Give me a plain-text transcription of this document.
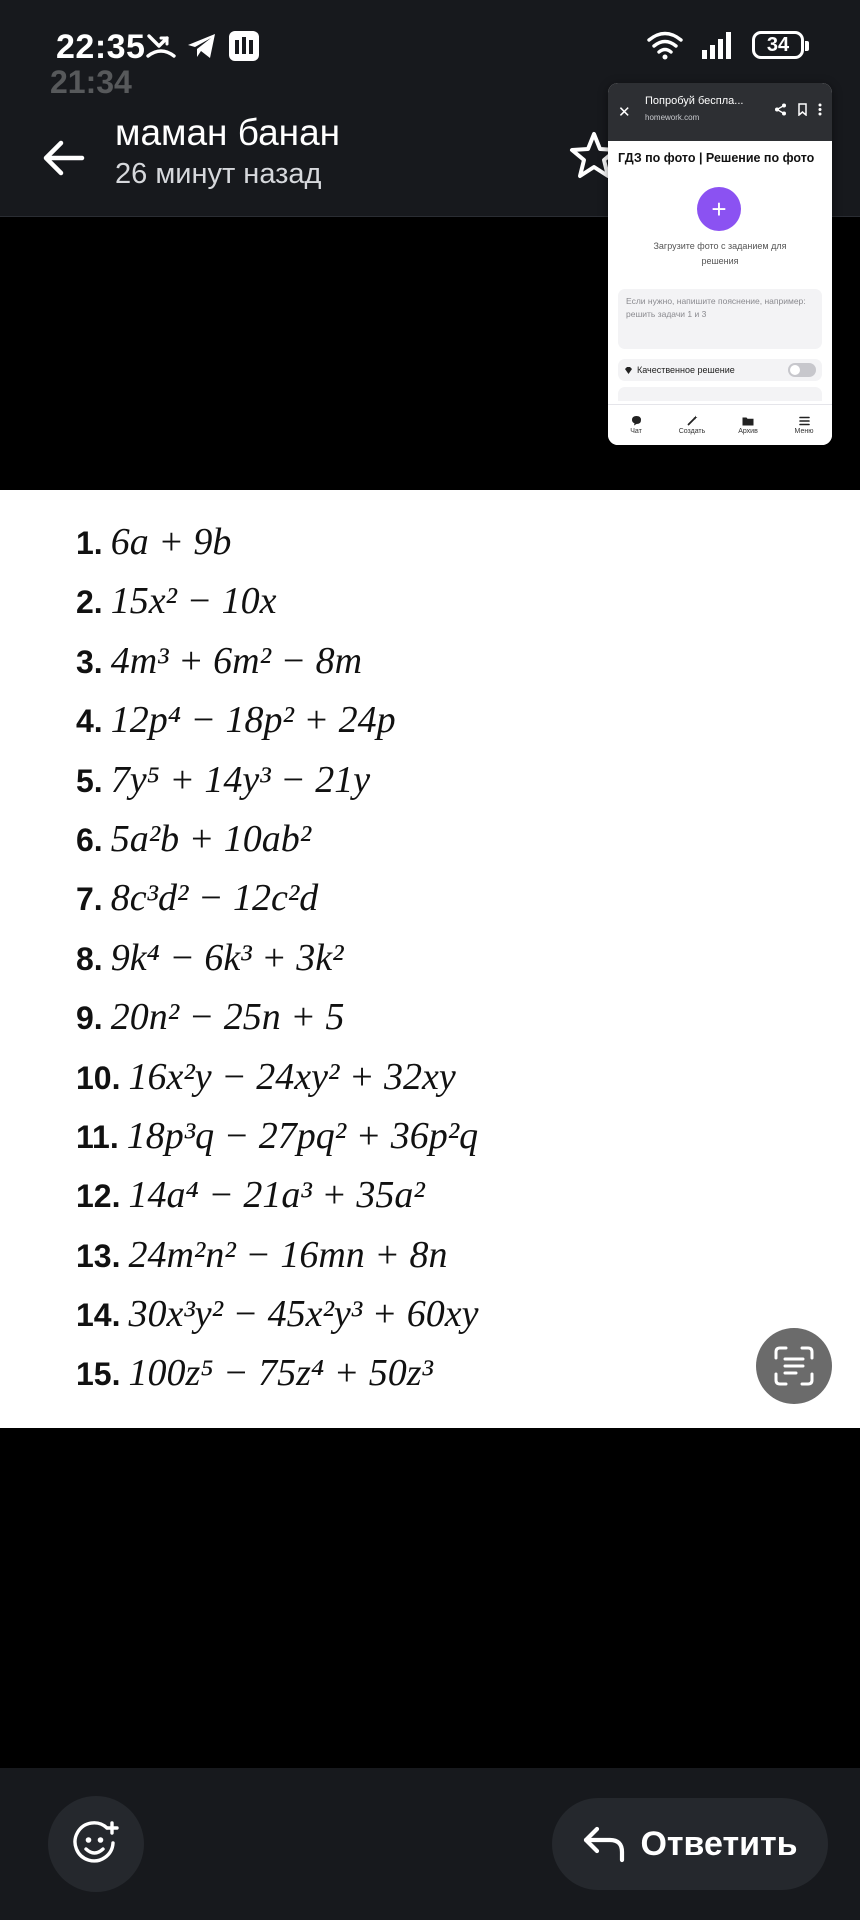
22:35
21:34
34
маман банан
26 минут назад
1. 6a + 9b
2. 15x² − 10x
3. 4m³ + 6m² − 8m
4. 12p⁴ − 18p² + 24p
5. 7y⁵ + 14y³ − 21y
6. 5a²b + 10ab²
7. 8c³d² − 12c²d
8. 9k⁴ − 6k³ + 3k²
9. 20n² − 25n + 5
10. 16x²y − 24xy² + 32xy
11. 18p³q − 27pq² + 36p²q
12. 14a⁴ − 21a³ + 35a²
13. 24m²n² − 16mn + 8n
14. 30x³y² − 45x²y³ + 60xy
15. 100z⁵ − 75z⁴ + 50z³
✕
Попробуй беспла...
homework.com
ГДЗ по фото | Решение по фото
+
Загрузите фото с заданием для решения
Если нужно, напишите пояснение, например: решить задачи 1 и 3
Качественное решение
Чат	Создать	Архив	Меню
Ответить
